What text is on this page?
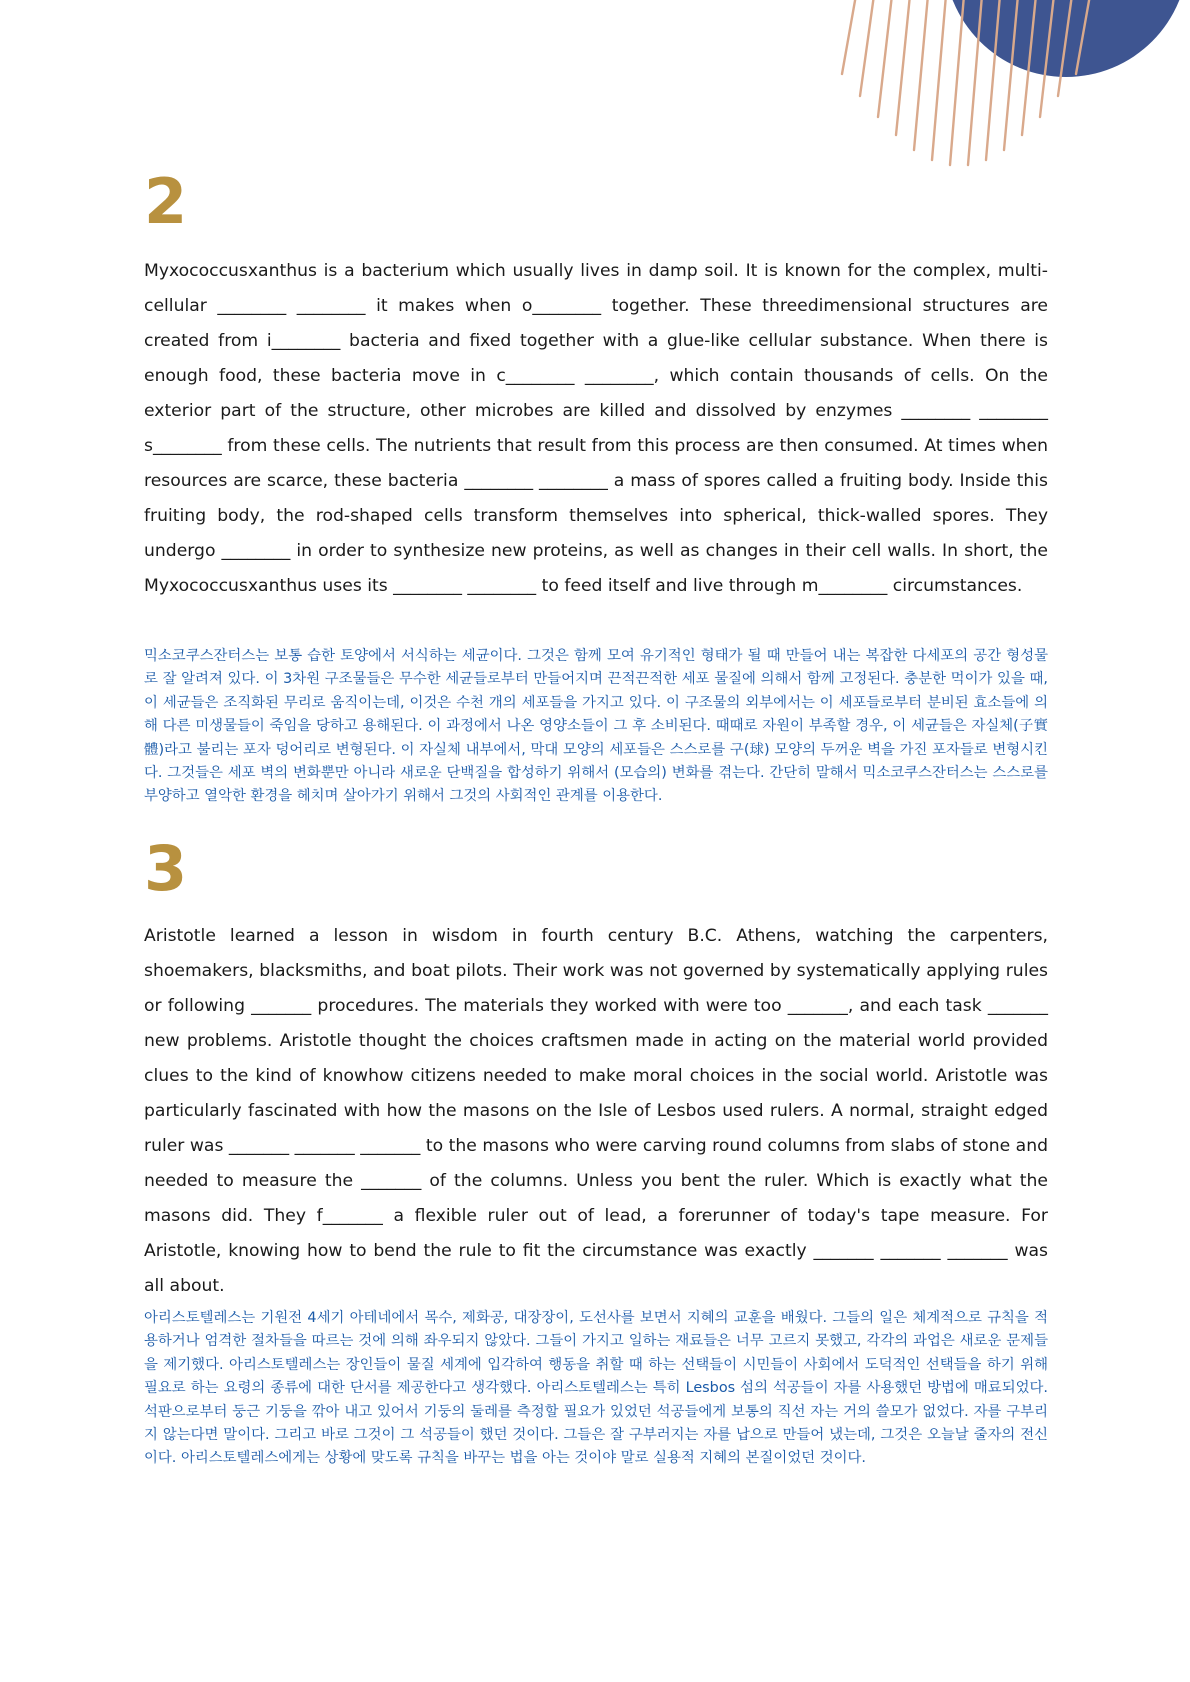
2

Myxococcusxanthus is a bacterium which usually lives in damp soil. It is known for the complex, multi-cellular ________ ________ it makes when o________ together. These threedimensional structures are created from i________ bacteria and fixed together with a glue-like cellular substance. When there is enough food, these bacteria move in c________ ________, which contain thousands of cells. On the exterior part of the structure, other microbes are killed and dissolved by enzymes ________ ________ s________ from these cells. The nutrients that result from this process are then consumed. At times when resources are scarce, these bacteria ________ ________ a mass of spores called a fruiting body. Inside this fruiting body, the rod-shaped cells transform themselves into spherical, thick-walled spores. They undergo ________ in order to synthesize new proteins, as well as changes in their cell walls. In short, the Myxococcusxanthus uses its ________ ________ to feed itself and live through m________ circumstances.

믹소코쿠스잔터스는 보통 습한 토양에서 서식하는 세균이다. 그것은 함께 모여 유기적인 형태가 될 때 만들어 내는 복잡한 다세포의 공간 형성물로 잘 알려져 있다. 이 3차원 구조물들은 무수한 세균들로부터 만들어지며 끈적끈적한 세포 물질에 의해서 함께 고정된다. 충분한 먹이가 있을 때, 이 세균들은 조직화된 무리로 움직이는데, 이것은 수천 개의 세포들을 가지고 있다. 이 구조물의 외부에서는 이 세포들로부터 분비된 효소들에 의해 다른 미생물들이 죽임을 당하고 용해된다. 이 과정에서 나온 영양소들이 그 후 소비된다. 때때로 자원이 부족할 경우, 이 세균들은 자실체(子實體)라고 불리는 포자 덩어리로 변형된다. 이 자실체 내부에서, 막대 모양의 세포들은 스스로를 구(球) 모양의 두꺼운 벽을 가진 포자들로 변형시킨다. 그것들은 세포 벽의 변화뿐만 아니라 새로운 단백질을 합성하기 위해서 (모습의) 변화를 겪는다. 간단히 말해서 믹소코쿠스잔터스는 스스로를 부양하고 열악한 환경을 헤치며 살아가기 위해서 그것의 사회적인 관계를 이용한다.

3

Aristotle learned a lesson in wisdom in fourth century B.C. Athens, watching the carpenters, shoemakers, blacksmiths, and boat pilots. Their work was not governed by systematically applying rules or following _______ procedures. The materials they worked with were too _______, and each task _______ new problems. Aristotle thought the choices craftsmen made in acting on the material world provided clues to the kind of knowhow citizens needed to make moral choices in the social world. Aristotle was particularly fascinated with how the masons on the Isle of Lesbos used rulers. A normal, straight edged ruler was _______ _______ _______ to the masons who were carving round columns from slabs of stone and needed to measure the _______ of the columns. Unless you bent the ruler. Which is exactly what the masons did. They f_______ a flexible ruler out of lead, a forerunner of today's tape measure. For Aristotle, knowing how to bend the rule to fit the circumstance was exactly _______ _______ _______ was all about.

아리스토텔레스는 기원전 4세기 아테네에서 목수, 제화공, 대장장이, 도선사를 보면서 지혜의 교훈을 배웠다. 그들의 일은 체계적으로 규칙을 적용하거나 엄격한 절차들을 따르는 것에 의해 좌우되지 않았다. 그들이 가지고 일하는 재료들은 너무 고르지 못했고, 각각의 과업은 새로운 문제들을 제기했다. 아리스토텔레스는 장인들이 물질 세계에 입각하여 행동을 취할 때 하는 선택들이 시민들이 사회에서 도덕적인 선택들을 하기 위해 필요로 하는 요령의 종류에 대한 단서를 제공한다고 생각했다. 아리스토텔레스는 특히 Lesbos 섬의 석공들이 자를 사용했던 방법에 매료되었다. 석판으로부터 둥근 기둥을 깎아 내고 있어서 기둥의 둘레를 측정할 필요가 있었던 석공들에게 보통의 직선 자는 거의 쓸모가 없었다. 자를 구부리지 않는다면 말이다. 그리고 바로 그것이 그 석공들이 했던 것이다. 그들은 잘 구부러지는 자를 납으로 만들어 냈는데, 그것은 오늘날 줄자의 전신이다. 아리스토텔레스에게는 상황에 맞도록 규칙을 바꾸는 법을 아는 것이야 말로 실용적 지혜의 본질이었던 것이다.
